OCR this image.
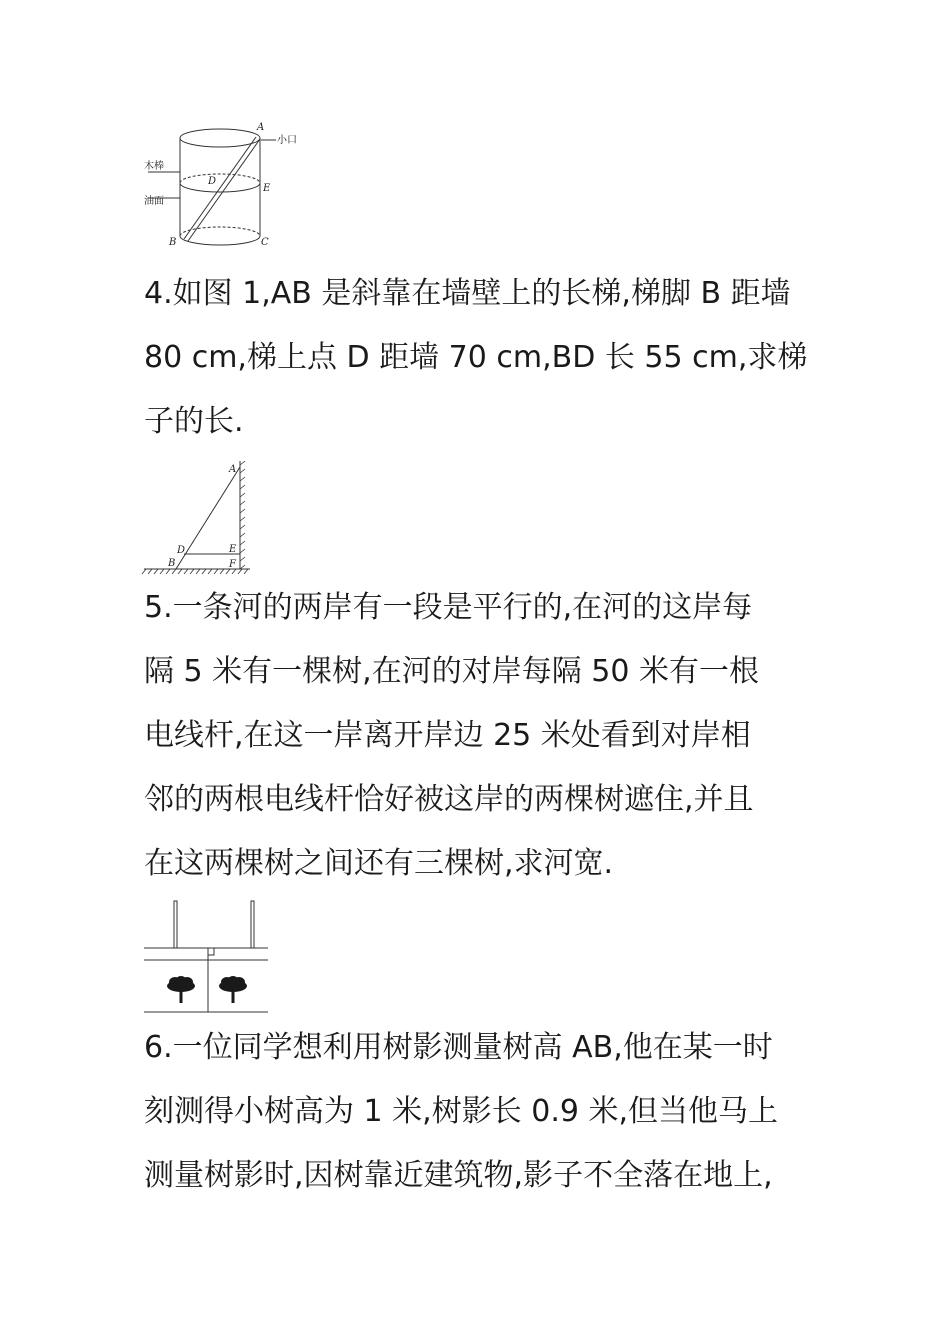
A
D
E
B	C
小口
木棒
油面
4.如图 1,AB 是斜靠在墙壁上的长梯,梯脚 B 距墙
80 cm,梯上点 D 距墙 70 cm,BD 长 55 cm,求梯
子的长.
A
D	E
B	F
5.一条河的两岸有一段是平行的,在河的这岸每
隔 5 米有一棵树,在河的对岸每隔 50 米有一根
电线杆,在这一岸离开岸边 25 米处看到对岸相
邻的两根电线杆恰好被这岸的两棵树遮住,并且
在这两棵树之间还有三棵树,求河宽.
6.一位同学想利用树影测量树高 AB,他在某一时
刻测得小树高为 1 米,树影长 0.9 米,但当他马上
测量树影时,因树靠近建筑物,影子不全落在地上,
